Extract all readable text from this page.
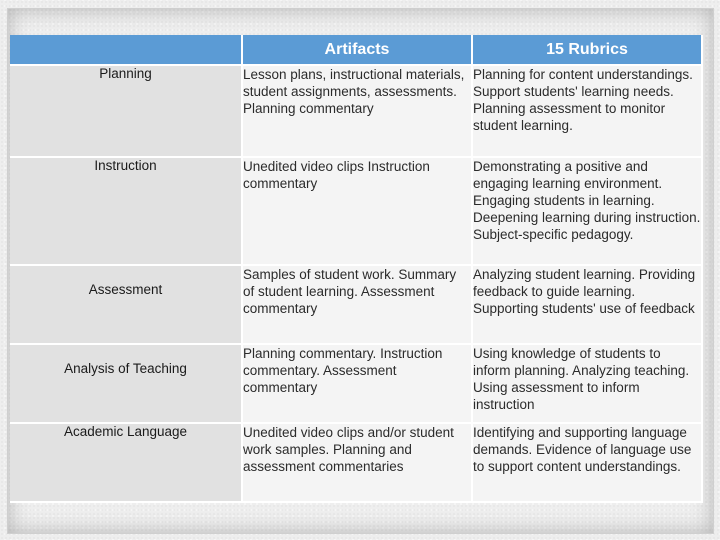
	Artifacts	15 Rubrics
Planning	Lesson plans, instructional materials, student assignments, assessments. Planning commentary	Planning for content understandings. Support students' learning needs. Planning assessment to monitor student learning.
Instruction	Unedited video clips Instruction commentary	Demonstrating a positive and engaging learning environment. Engaging students in learning. Deepening learning during instruction. Subject-specific pedagogy.
Assessment	Samples of student work. Summary of student learning. Assessment commentary	Analyzing student learning. Providing feedback to guide learning. Supporting students' use of feedback
Analysis of Teaching	Planning commentary. Instruction commentary. Assessment commentary	Using knowledge of students to inform planning. Analyzing teaching. Using assessment to inform instruction
Academic Language	Unedited video clips and/or student work samples. Planning and assessment commentaries	Identifying and supporting language demands. Evidence of language use to support content understandings.
